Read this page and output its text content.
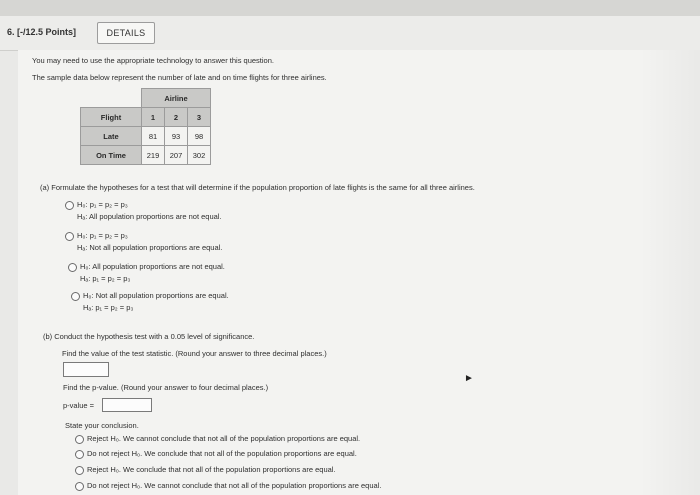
6. [-/12.5 Points]	DETAILS
You may need to use the appropriate technology to answer this question.
The sample data below represent the number of late and on time flights for three airlines.
	Airline		
Flight	1	2	3
Late	81	93	98
On Time	219	207	302
(a) Formulate the hypotheses for a test that will determine if the population proportion of late flights is the same for all three airlines.
H₀: p₁ = p₂ = p₃
Hₐ: All population proportions are not equal.
H₀: p₁ = p₂ = p₃
Hₐ: Not all population proportions are equal.
H₀: All population proportions are not equal.
Hₐ: p₁ = p₂ = p₃
H₀: Not all population proportions are equal.
Hₐ: p₁ = p₂ = p₃
(b) Conduct the hypothesis test with a 0.05 level of significance.
Find the value of the test statistic. (Round your answer to three decimal places.)
►
Find the p-value. (Round your answer to four decimal places.)
p-value =
State your conclusion.
Reject H₀. We cannot conclude that not all of the population proportions are equal.
Do not reject H₀. We conclude that not all of the population proportions are equal.
Reject H₀. We conclude that not all of the population proportions are equal.
Do not reject H₀. We cannot conclude that not all of the population proportions are equal.
